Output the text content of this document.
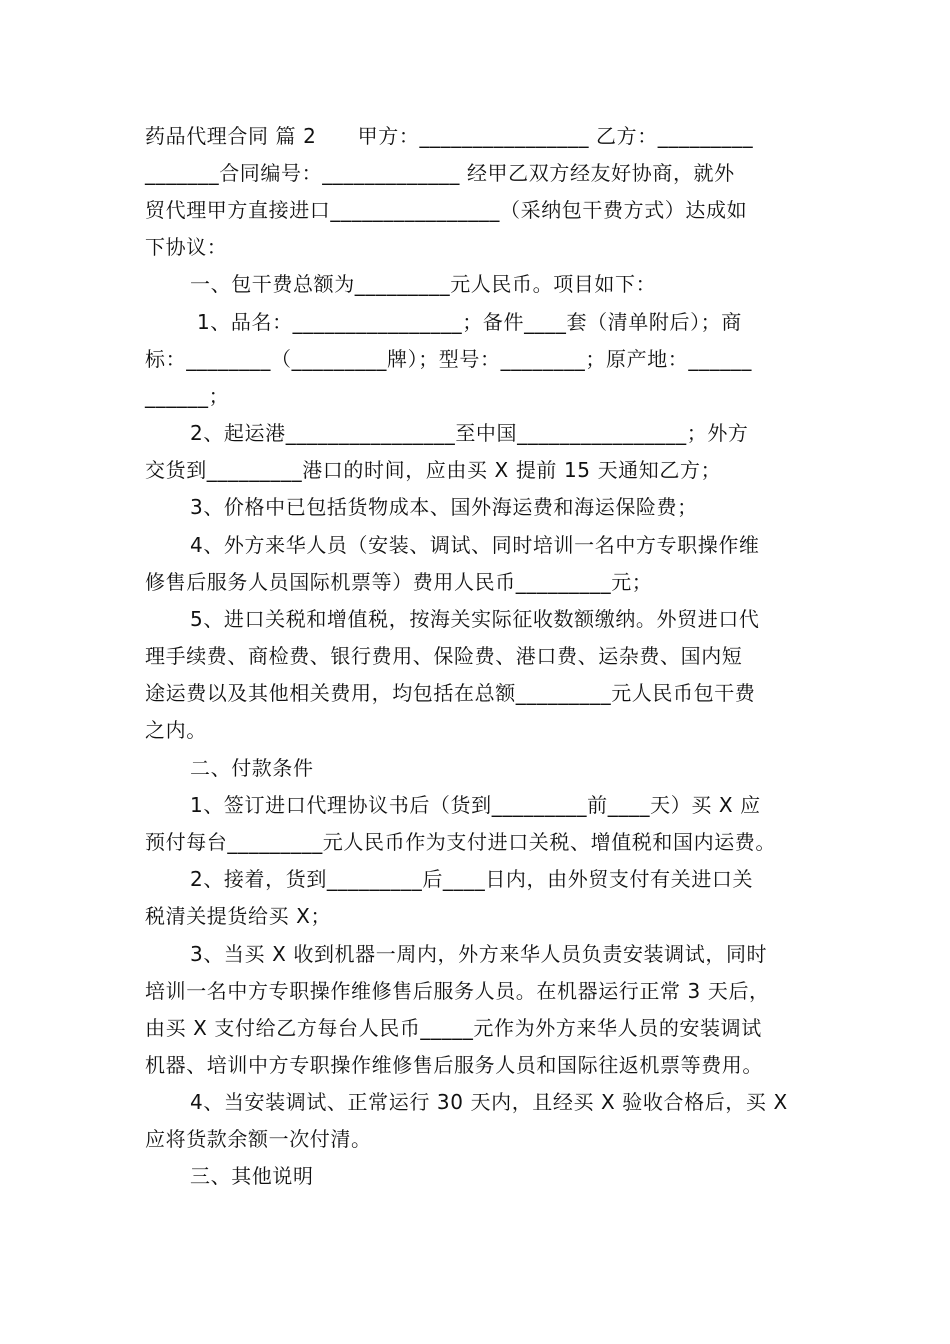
药品代理合同 篇 2　　甲方：________________ 乙方：_________
_______合同编号：_____________ 经甲乙双方经友好协商，就外
贸代理甲方直接进口________________（采纳包干费方式）达成如
下协议：
一、包干费总额为_________元人民币。项目如下：
1、品名：________________；备件____套（清单附后）；商
标：________（_________牌）；型号：________；原产地：______
______；
2、起运港________________至中国________________；外方
交货到_________港口的时间，应由买 X 提前 15 天通知乙方；
3、价格中已包括货物成本、国外海运费和海运保险费；
4、外方来华人员（安装、调试、同时培训一名中方专职操作维
修售后服务人员国际机票等）费用人民币_________元；
5、进口关税和增值税，按海关实际征收数额缴纳。外贸进口代
理手续费、商检费、银行费用、保险费、港口费、运杂费、国内短
途运费以及其他相关费用，均包括在总额_________元人民币包干费
之内。
二、付款条件
1、签订进口代理协议书后（货到_________前____天）买 X 应
预付每台_________元人民币作为支付进口关税、增值税和国内运费。
2、接着，货到_________后____日内，由外贸支付有关进口关
税清关提货给买 X；
3、当买 X 收到机器一周内，外方来华人员负责安装调试，同时
培训一名中方专职操作维修售后服务人员。在机器运行正常 3 天后，
由买 X 支付给乙方每台人民币_____元作为外方来华人员的安装调试
机器、培训中方专职操作维修售后服务人员和国际往返机票等费用。
4、当安装调试、正常运行 30 天内，且经买 X 验收合格后，买 X
应将货款余额一次付清。
三、其他说明
